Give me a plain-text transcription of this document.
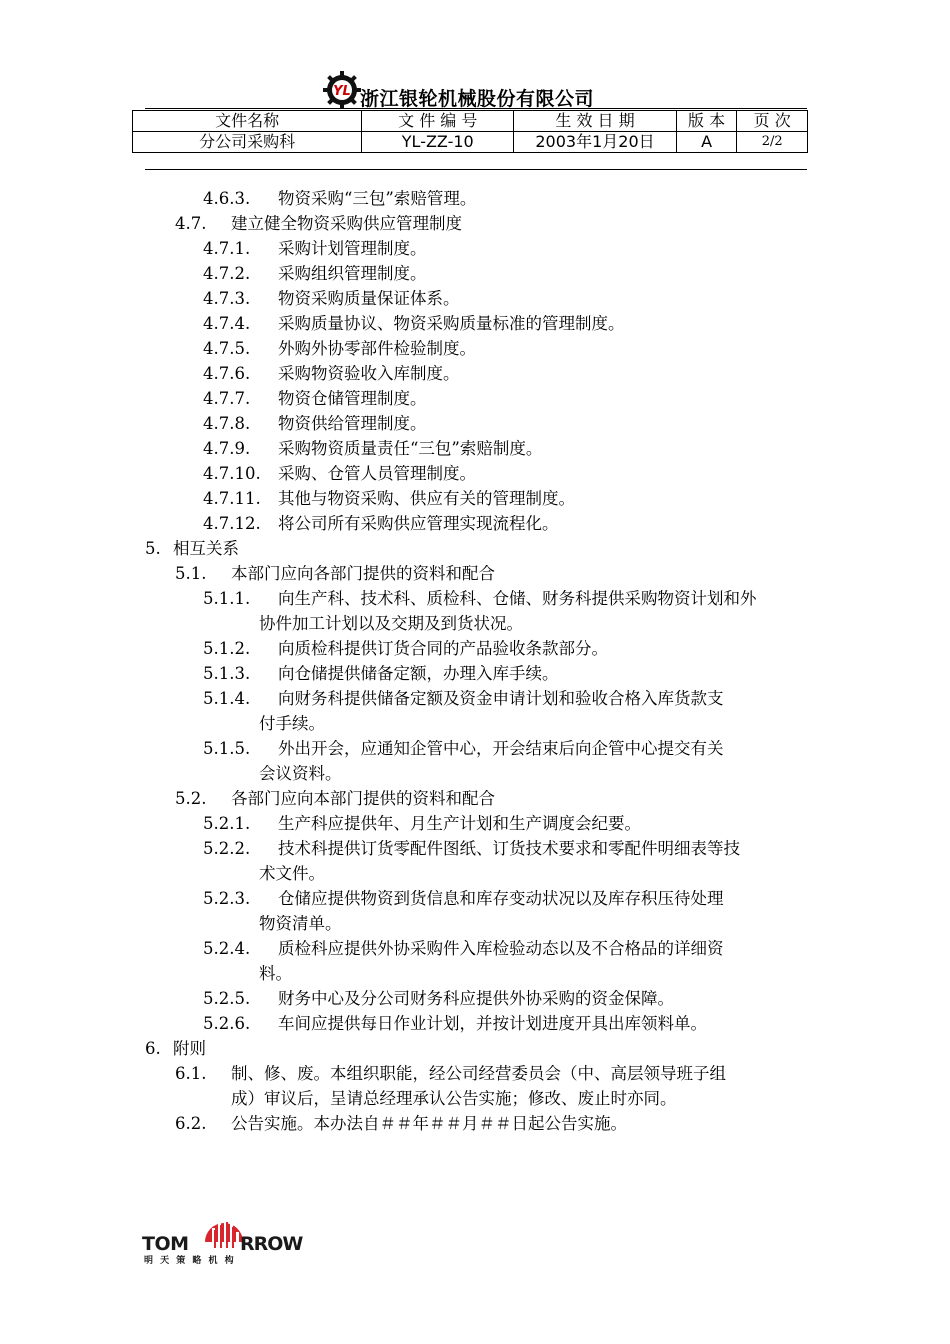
YL 浙江银轮机械股份有限公司
文件名称	文 件 编 号	生 效 日 期	版 本	页 次
分公司采购科	YL-ZZ-10	2003年1月20日	A	2/2
4.6.3. 物资采购“三包”索赔管理。
4.7. 建立健全物资采购供应管理制度
4.7.1. 采购计划管理制度。
4.7.2. 采购组织管理制度。
4.7.3. 物资采购质量保证体系。
4.7.4. 采购质量协议、物资采购质量标准的管理制度。
4.7.5. 外购外协零部件检验制度。
4.7.6. 采购物资验收入库制度。
4.7.7. 物资仓储管理制度。
4.7.8. 物资供给管理制度。
4.7.9. 采购物资质量责任“三包”索赔制度。
4.7.10. 采购、仓管人员管理制度。
4.7.11. 其他与物资采购、供应有关的管理制度。
4.7.12. 将公司所有采购供应管理实现流程化。
5. 相互关系
5.1. 本部门应向各部门提供的资料和配合
5.1.1. 向生产科、技术科、质检科、仓储、财务科提供采购物资计划和外
协件加工计划以及交期及到货状况。
5.1.2. 向质检科提供订货合同的产品验收条款部分。
5.1.3. 向仓储提供储备定额，办理入库手续。
5.1.4. 向财务科提供储备定额及资金申请计划和验收合格入库货款支
付手续。
5.1.5. 外出开会，应通知企管中心，开会结束后向企管中心提交有关
会议资料。
5.2. 各部门应向本部门提供的资料和配合
5.2.1. 生产科应提供年、月生产计划和生产调度会纪要。
5.2.2. 技术科提供订货零配件图纸、订货技术要求和零配件明细表等技
术文件。
5.2.3. 仓储应提供物资到货信息和库存变动状况以及库存积压待处理
物资清单。
5.2.4. 质检科应提供外协采购件入库检验动态以及不合格品的详细资
料。
5.2.5. 财务中心及分公司财务科应提供外协采购的资金保障。
5.2.6. 车间应提供每日作业计划，并按计划进度开具出库领料单。
6. 附则
6.1. 制、修、废。本组织职能，经公司经营委员会（中、高层领导班子组
成）审议后，呈请总经理承认公告实施；修改、废止时亦同。
6.2. 公告实施。本办法自＃＃年＃＃月＃＃日起公告实施。
TOM	RROW
明 天 策 略 机 构
